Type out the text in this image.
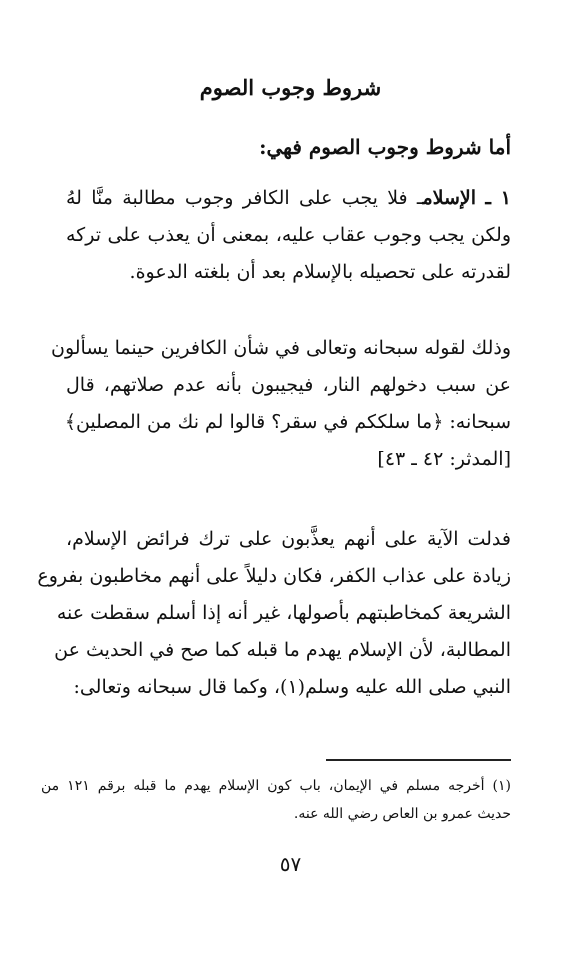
شروط وجوب الصوم
أما شروط وجوب الصوم فهي:
١ ـ الإسلامـ فلا يجب على الكافر وجوب مطالبة منَّا لهُ
ولكن يجب وجوب عقاب عليه، بمعنى أن يعذب على تركه
لقدرته على تحصيله بالإسلام بعد أن بلغته الدعوة.
وذلك لقوله سبحانه وتعالى في شأن الكافرين حينما يسألون
عن سبب دخولهم النار، فيجيبون بأنه عدم صلاتهم، قال
سبحانه: ﴿ما سلككم في سقر؟ قالوا لم نك من المصلين﴾
[المدثر: ٤٢ ـ ٤٣]
فدلت الآية على أنهم يعذَّبون على ترك فرائض الإسلام،
زيادة على عذاب الكفر، فكان دليلاً على أنهم مخاطبون بفروع
الشريعة كمخاطبتهم بأصولها، غير أنه إذا أسلم سقطت عنه
المطالبة، لأن الإسلام يهدم ما قبله كما صح في الحديث عن
النبي صلى الله عليه وسلم(١)، وكما قال سبحانه وتعالى:
(١) أخرجه مسلم في الإيمان، باب كون الإسلام يهدم ما قبله برقم ١٢١ من
حديث عمرو بن العاص رضي الله عنه.
٥٧
